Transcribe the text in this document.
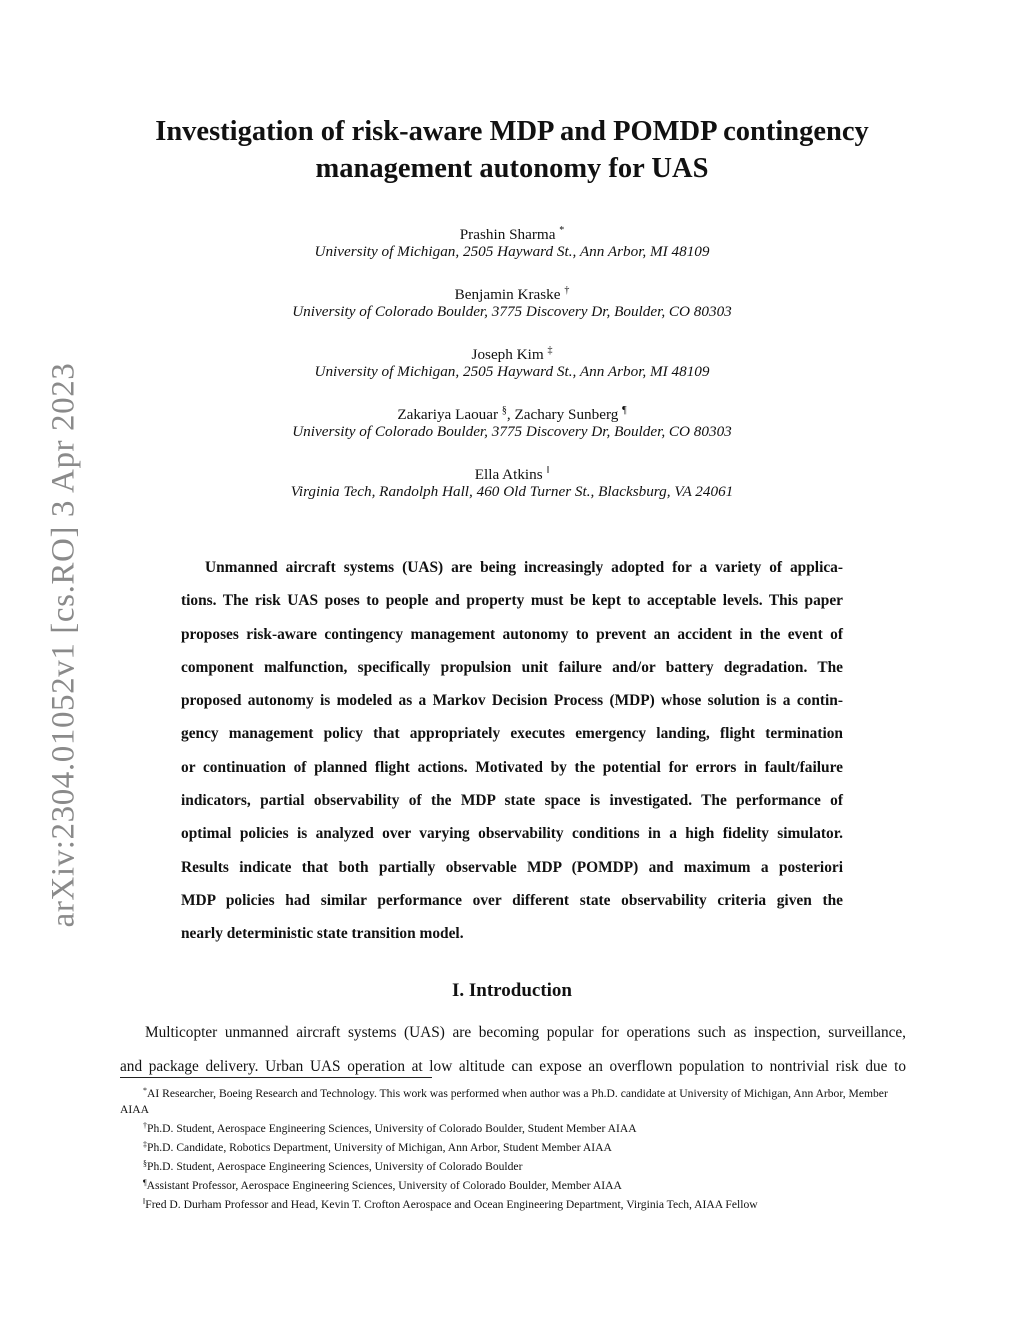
arXiv:2304.01052v1 [cs.RO] 3 Apr 2023
Investigation of risk-aware MDP and POMDP contingency
management autonomy for UAS
Prashin Sharma *
University of Michigan, 2505 Hayward St., Ann Arbor, MI 48109
Benjamin Kraske †
University of Colorado Boulder, 3775 Discovery Dr, Boulder, CO 80303
Joseph Kim ‡
University of Michigan, 2505 Hayward St., Ann Arbor, MI 48109
Zakariya Laouar §, Zachary Sunberg ¶
University of Colorado Boulder, 3775 Discovery Dr, Boulder, CO 80303
Ella Atkins ‖
Virginia Tech, Randolph Hall, 460 Old Turner St., Blacksburg, VA 24061

Unmanned aircraft systems (UAS) are being increasingly adopted for a variety of applica-
tions. The risk UAS poses to people and property must be kept to acceptable levels. This paper
proposes risk-aware contingency management autonomy to prevent an accident in the event of
component malfunction, specifically propulsion unit failure and/or battery degradation. The
proposed autonomy is modeled as a Markov Decision Process (MDP) whose solution is a contin-
gency management policy that appropriately executes emergency landing, flight termination
or continuation of planned flight actions. Motivated by the potential for errors in fault/failure
indicators, partial observability of the MDP state space is investigated. The performance of
optimal policies is analyzed over varying observability conditions in a high fidelity simulator.
Results indicate that both partially observable MDP (POMDP) and maximum a posteriori
MDP policies had similar performance over different state observability criteria given the
nearly deterministic state transition model.

I. Introduction
Multicopter unmanned aircraft systems (UAS) are becoming popular for operations such as inspection, surveillance,
and package delivery. Urban UAS operation at low altitude can expose an overflown population to nontrivial risk due to
*AI Researcher, Boeing Research and Technology. This work was performed when author was a Ph.D. candidate at University of Michigan, Ann Arbor, Member AIAA
†Ph.D. Student, Aerospace Engineering Sciences, University of Colorado Boulder, Student Member AIAA
‡Ph.D. Candidate, Robotics Department, University of Michigan, Ann Arbor, Student Member AIAA
§Ph.D. Student, Aerospace Engineering Sciences, University of Colorado Boulder
¶Assistant Professor, Aerospace Engineering Sciences, University of Colorado Boulder, Member AIAA
‖Fred D. Durham Professor and Head, Kevin T. Crofton Aerospace and Ocean Engineering Department, Virginia Tech, AIAA Fellow
